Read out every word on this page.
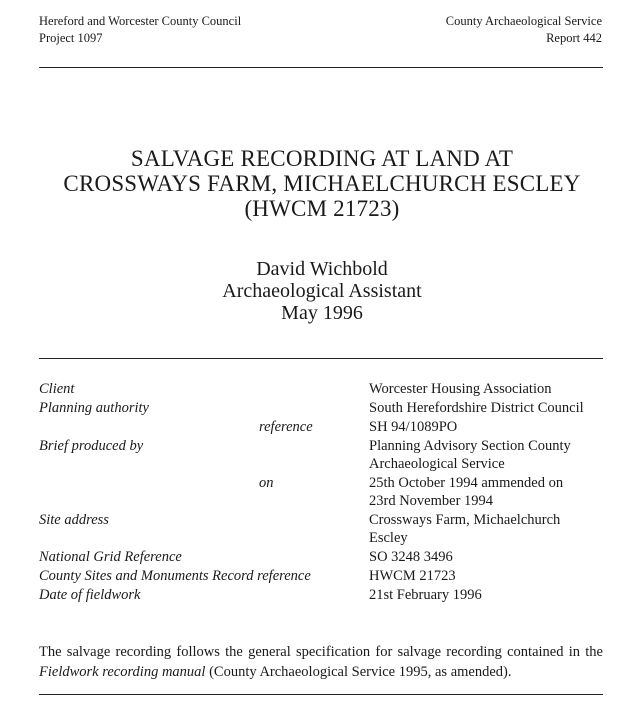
Hereford and Worcester County Council
Project 1097
County Archaeological Service
Report 442
SALVAGE RECORDING AT LAND AT
CROSSWAYS FARM, MICHAELCHURCH ESCLEY
(HWCM 21723)
David Wichbold
Archaeological Assistant
May 1996
Client	Worcester Housing Association
Planning authority	South Herefordshire District Council
reference	SH 94/1089PO
Brief produced by	Planning Advisory Section County
Archaeological Service
on	25th October 1994 ammended on
23rd November 1994
Site address	Crossways Farm, Michaelchurch
Escley
National Grid Reference	SO 3248 3496
County Sites and Monuments Record reference	HWCM 21723
Date of fieldwork	21st February 1996
The salvage recording follows the general specification for salvage recording contained in the Fieldwork recording manual (County Archaeological Service 1995, as amended).
